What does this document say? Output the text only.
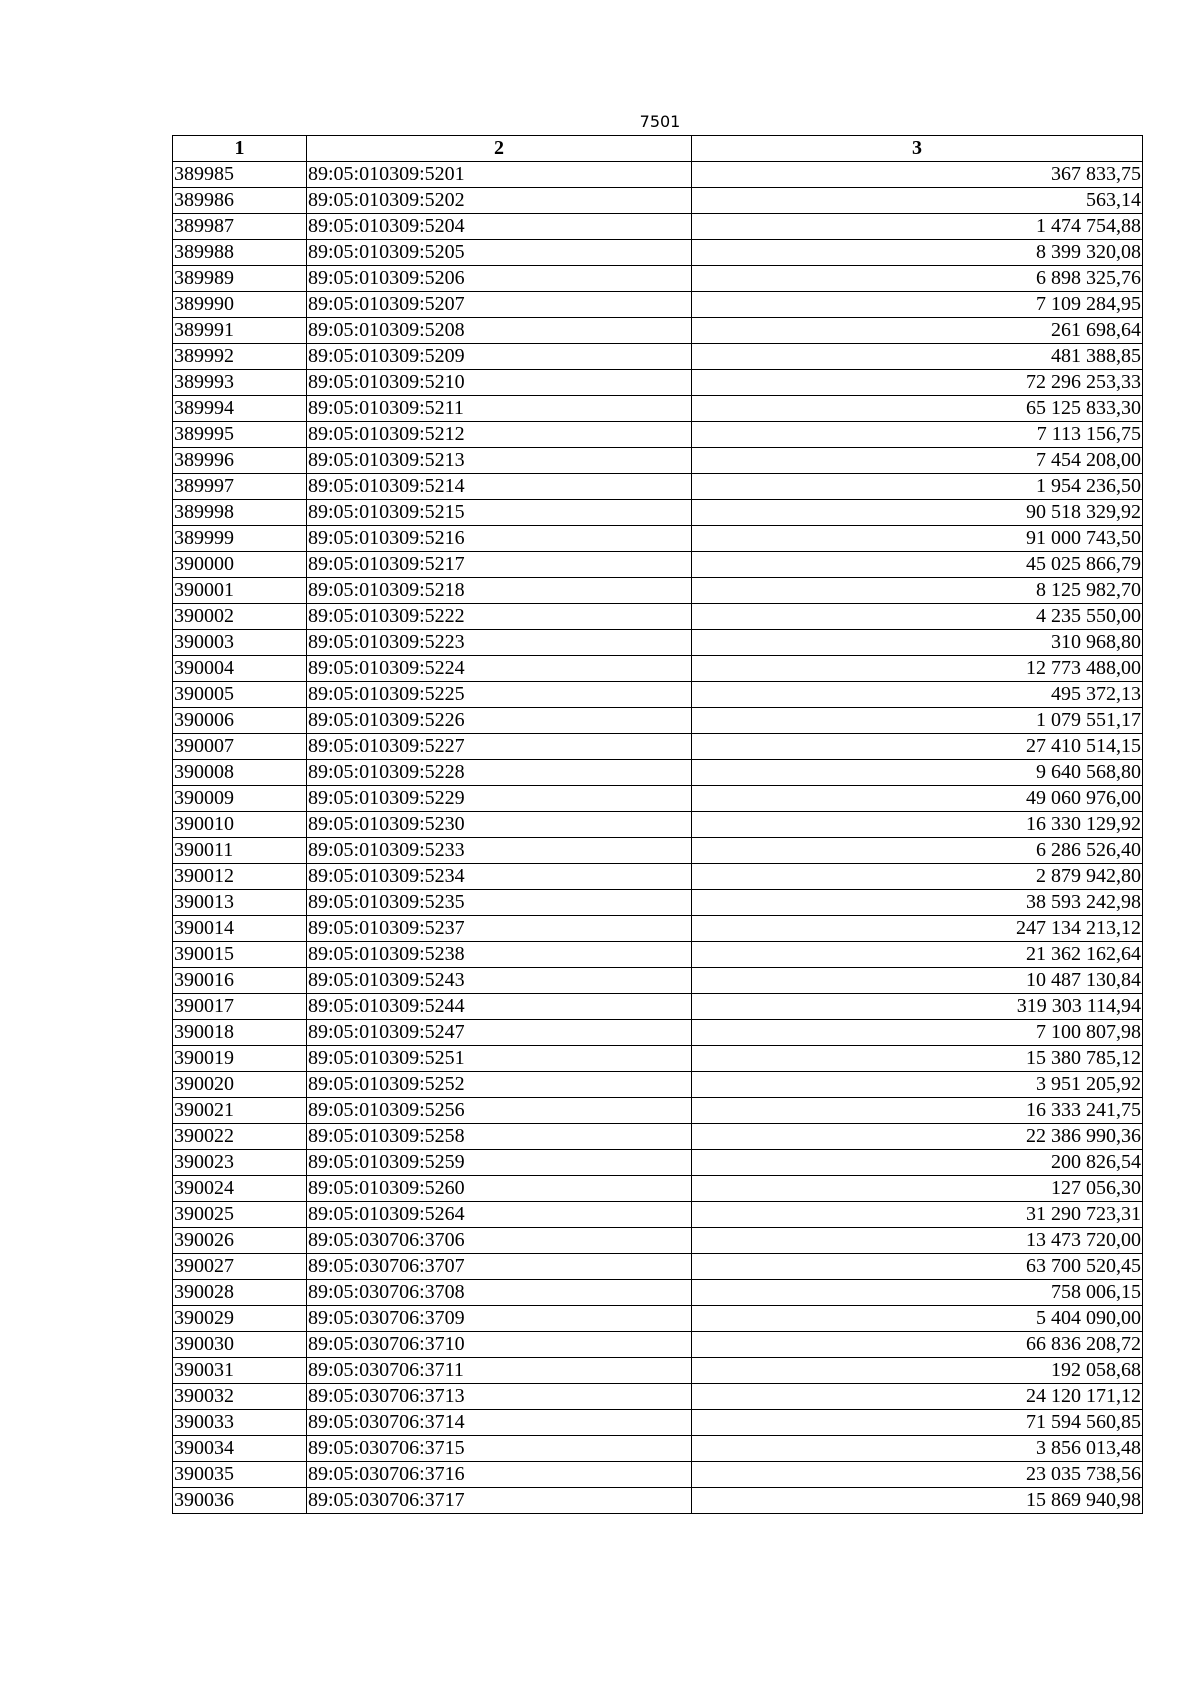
7501
1	2	3
389985	89:05:010309:5201	367 833,75
389986	89:05:010309:5202	563,14
389987	89:05:010309:5204	1 474 754,88
389988	89:05:010309:5205	8 399 320,08
389989	89:05:010309:5206	6 898 325,76
389990	89:05:010309:5207	7 109 284,95
389991	89:05:010309:5208	261 698,64
389992	89:05:010309:5209	481 388,85
389993	89:05:010309:5210	72 296 253,33
389994	89:05:010309:5211	65 125 833,30
389995	89:05:010309:5212	7 113 156,75
389996	89:05:010309:5213	7 454 208,00
389997	89:05:010309:5214	1 954 236,50
389998	89:05:010309:5215	90 518 329,92
389999	89:05:010309:5216	91 000 743,50
390000	89:05:010309:5217	45 025 866,79
390001	89:05:010309:5218	8 125 982,70
390002	89:05:010309:5222	4 235 550,00
390003	89:05:010309:5223	310 968,80
390004	89:05:010309:5224	12 773 488,00
390005	89:05:010309:5225	495 372,13
390006	89:05:010309:5226	1 079 551,17
390007	89:05:010309:5227	27 410 514,15
390008	89:05:010309:5228	9 640 568,80
390009	89:05:010309:5229	49 060 976,00
390010	89:05:010309:5230	16 330 129,92
390011	89:05:010309:5233	6 286 526,40
390012	89:05:010309:5234	2 879 942,80
390013	89:05:010309:5235	38 593 242,98
390014	89:05:010309:5237	247 134 213,12
390015	89:05:010309:5238	21 362 162,64
390016	89:05:010309:5243	10 487 130,84
390017	89:05:010309:5244	319 303 114,94
390018	89:05:010309:5247	7 100 807,98
390019	89:05:010309:5251	15 380 785,12
390020	89:05:010309:5252	3 951 205,92
390021	89:05:010309:5256	16 333 241,75
390022	89:05:010309:5258	22 386 990,36
390023	89:05:010309:5259	200 826,54
390024	89:05:010309:5260	127 056,30
390025	89:05:010309:5264	31 290 723,31
390026	89:05:030706:3706	13 473 720,00
390027	89:05:030706:3707	63 700 520,45
390028	89:05:030706:3708	758 006,15
390029	89:05:030706:3709	5 404 090,00
390030	89:05:030706:3710	66 836 208,72
390031	89:05:030706:3711	192 058,68
390032	89:05:030706:3713	24 120 171,12
390033	89:05:030706:3714	71 594 560,85
390034	89:05:030706:3715	3 856 013,48
390035	89:05:030706:3716	23 035 738,56
390036	89:05:030706:3717	15 869 940,98
